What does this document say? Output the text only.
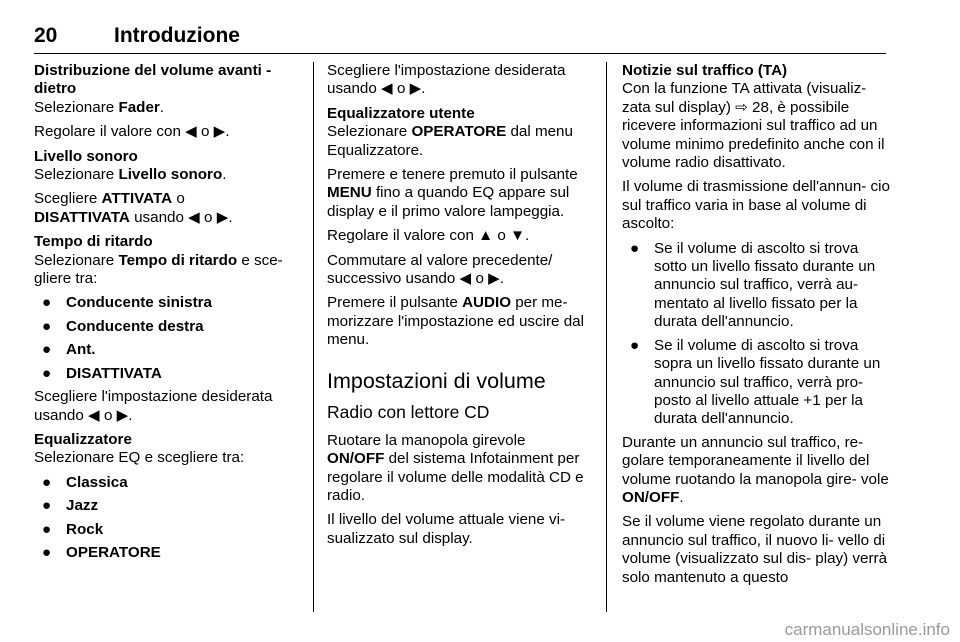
20	Introduzione

Distribuzione del volume avanti - dietro

Selezionare Fader.

Regolare il valore con ◀ o ▶.

Livello sonoro

Selezionare Livello sonoro.

Scegliere ATTIVATA o
DISATTIVATA usando ◀ o ▶.

Tempo di ritardo

Selezionare Tempo di ritardo e sce-
gliere tra:

● Conducente sinistra
● Conducente destra
● Ant.
● DISATTIVATA

Scegliere l'impostazione desiderata usando ◀ o ▶.

Equalizzatore

Selezionare EQ e scegliere tra:

● Classica
● Jazz
● Rock
● OPERATORE

Scegliere l'impostazione desiderata usando ◀ o ▶.

Equalizzatore utente

Selezionare OPERATORE dal menu Equalizzatore.

Premere e tenere premuto il pulsante MENU fino a quando EQ appare sul display e il primo valore lampeggia.

Regolare il valore con ▲ o ▼.

Commutare al valore precedente/ successivo usando ◀ o ▶.

Premere il pulsante AUDIO per me- morizzare l'impostazione ed uscire dal menu.

Impostazioni di volume

Radio con lettore CD

Ruotare la manopola girevole
ON/OFF del sistema Infotainment per regolare il volume delle modalità CD e radio.

Il livello del volume attuale viene vi- sualizzato sul display.

Notizie sul traffico (TA)

Con la funzione TA attivata (visualiz- zata sul display) ⇨ 28, è possibile ricevere informazioni sul traffico ad un volume minimo predefinito anche con il volume radio disattivato.

Il volume di trasmissione dell'annun- cio sul traffico varia in base al volume di ascolto:

● Se il volume di ascolto si trova sotto un livello fissato durante un annuncio sul traffico, verrà au- mentato al livello fissato per la durata dell'annuncio.
● Se il volume di ascolto si trova sopra un livello fissato durante un annuncio sul traffico, verrà pro- posto al livello attuale +1 per la durata dell'annuncio.

Durante un annuncio sul traffico, re- golare temporaneamente il livello del volume ruotando la manopola gire- vole ON/OFF.

Se il volume viene regolato durante un annuncio sul traffico, il nuovo li- vello di volume (visualizzato sul dis- play) verrà solo mantenuto a questo

carmanualsonline.info
